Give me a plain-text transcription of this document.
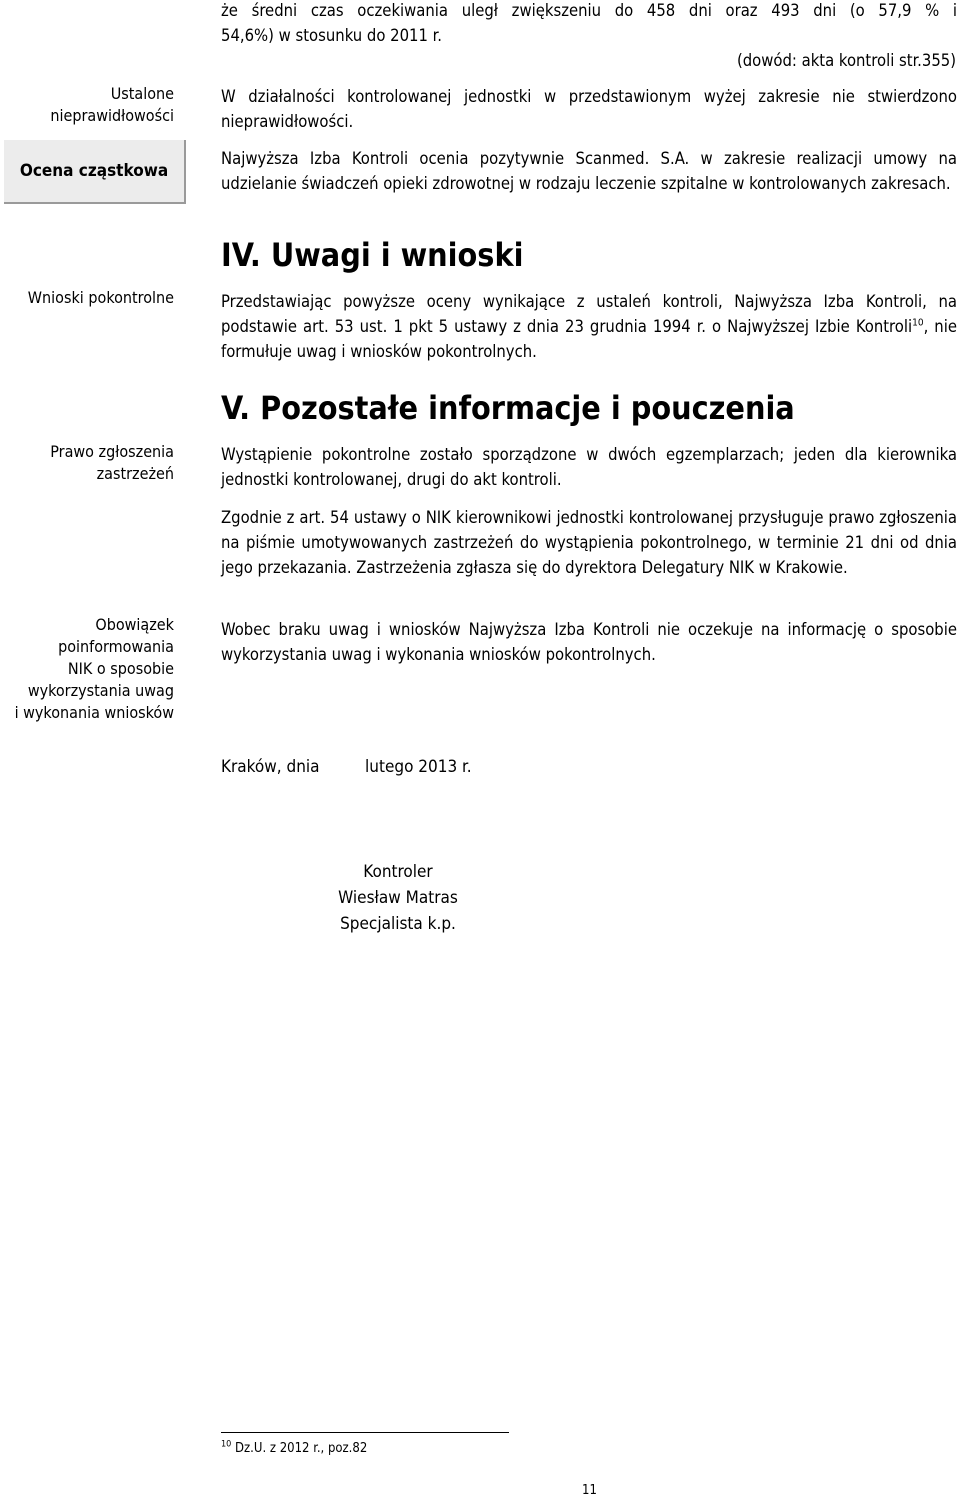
Ustalone
nieprawidłowości
Ocena cząstkowa
Wnioski pokontrolne
Prawo zgłoszenia
zastrzeżeń
Obowiązek
poinformowania
NIK o sposobie
wykorzystania uwag
i wykonania wniosków
że średni czas oczekiwania uległ zwiększeniu do 458 dni oraz 493 dni (o 57,9 % i
54,6%) w stosunku do 2011 r.
(dowód: akta kontroli str.355)
W działalności kontrolowanej jednostki w przedstawionym wyżej zakresie nie stwierdzono nieprawidłowości.
Najwyższa Izba Kontroli ocenia pozytywnie Scanmed. S.A. w zakresie realizacji umowy na udzielanie świadczeń opieki zdrowotnej w rodzaju leczenie szpitalne w kontrolowanych zakresach.
IV. Uwagi i wnioski
Przedstawiając powyższe oceny wynikające z ustaleń kontroli, Najwyższa Izba Kontroli, na podstawie art. 53 ust. 1 pkt 5 ustawy z dnia 23 grudnia 1994 r. o Najwyższej Izbie Kontroli$^{10}$, nie formułuje uwag i wniosków pokontrolnych.
V. Pozostałe informacje i pouczenia
Wystąpienie pokontrolne zostało sporządzone w dwóch egzemplarzach; jeden dla kierownika jednostki kontrolowanej, drugi do akt kontroli.
Zgodnie z art. 54 ustawy o NIK kierownikowi jednostki kontrolowanej przysługuje prawo zgłoszenia na piśmie umotywowanych zastrzeżeń do wystąpienia pokontrolnego, w terminie 21 dni od dnia jego przekazania. Zastrzeżenia zgłasza się do dyrektora Delegatury NIK w Krakowie.
Wobec braku uwag i wniosków Najwyższa Izba Kontroli nie oczekuje na informację o sposobie wykorzystania uwag i wykonania wniosków pokontrolnych.
Kraków, dnia	lutego 2013 r.
Kontroler
Wiesław Matras
Specjalista k.p.
$^{10}$ Dz.U. z 2012 r., poz.82
11
